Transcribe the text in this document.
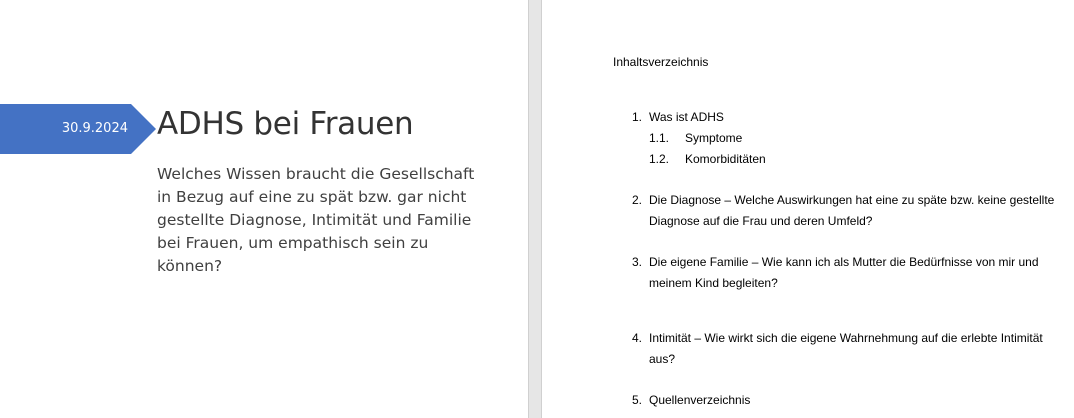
30.9.2024 ADHS bei Frauen

Welches Wissen braucht die Gesellschaft in Bezug auf eine zu spät bzw. gar nicht gestellte Diagnose, Intimität und Familie bei Frauen, um empathisch sein zu können?

Inhaltsverzeichnis
1. Was ist ADHS
1.1. Symptome
1.2. Komorbiditäten
2. Die Diagnose – Welche Auswirkungen hat eine zu späte bzw. keine gestellte
Diagnose auf die Frau und deren Umfeld?
3. Die eigene Familie – Wie kann ich als Mutter die Bedürfnisse von mir und
meinem Kind begleiten?
4. Intimität – Wie wirkt sich die eigene Wahrnehmung auf die erlebte Intimität
aus?
5. Quellenverzeichnis
